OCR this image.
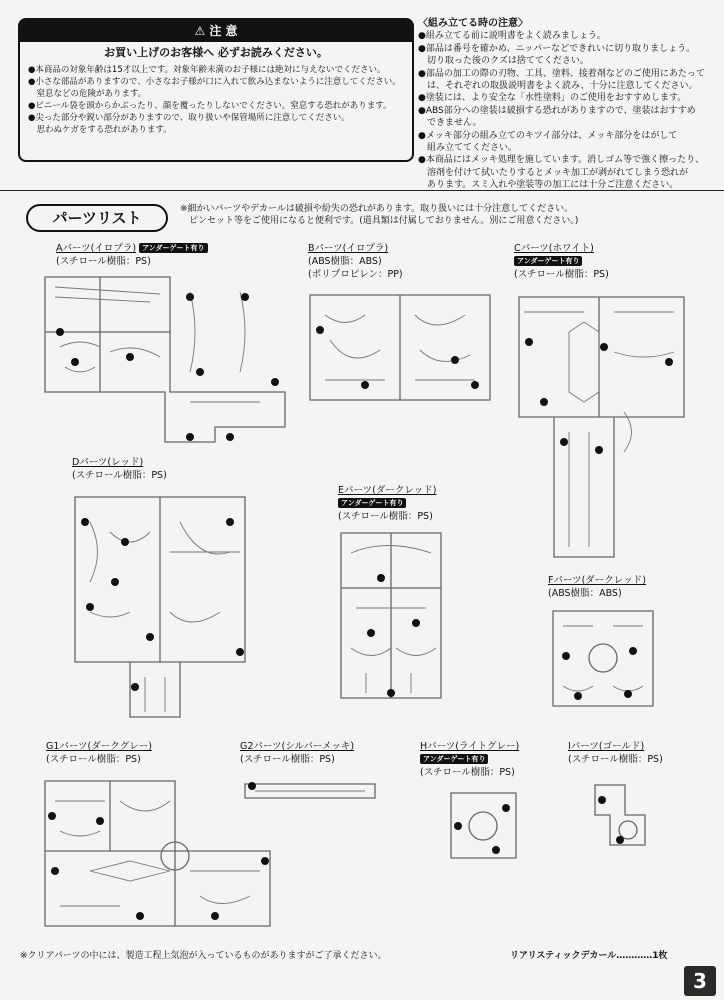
⚠ 注 意
お買い上げのお客様へ 必ずお読みください。
●本商品の対象年齢は15才以上です。対象年齢未満のお子様には絶対に与えないでください。
●小さな部品がありますので、小さなお子様が口に入れて飲み込まないように注意してください。
　窒息などの危険があります。
●ビニール袋を頭からかぶったり、顔を覆ったりしないでください。窒息する恐れがあります。
●尖った部分や鋭い部分がありますので、取り扱いや保管場所に注意してください。
　思わぬケガをする恐れがあります。
〈組み立てる時の注意〉
●組み立てる前に説明書をよく読みましょう。
●部品は番号を確かめ、ニッパーなどできれいに切り取りましょう。
　切り取った後のクズは捨ててください。
●部品の加工の際の刃物、工具、塗料、接着剤などのご使用にあたって
　は、それぞれの取扱説明書をよく読み、十分に注意してください。
●塗装には、より安全な「水性塗料」のご使用をおすすめします。
●ABS部分への塗装は破損する恐れがありますので、塗装はおすすめ
　できません。
●メッキ部分の組み立てのキツイ部分は、メッキ部分をはがして
　組み立ててください。
●本商品にはメッキ処理を施しています。消しゴム等で強く擦ったり、
　溶剤を付けて拭いたりするとメッキ加工が剥がれてしまう恐れが
　あります。スミ入れや塗装等の加工には十分ご注意ください。
パーツリスト	※細かいパーツやデカールは破損や紛失の恐れがあります。取り扱いには十分注意してください。
　ピンセット等をご使用になると便利です。(道具類は付属しておりません。別にご用意ください。)
Aパーツ(イロプラ) アンダーゲート有り
(スチロール樹脂：PS)
Bパーツ(イロプラ)
(ABS樹脂：ABS)
(ポリプロピレン：PP)
Cパーツ(ホワイト)
アンダーゲート有り
(スチロール樹脂：PS)
Dパーツ(レッド)
(スチロール樹脂：PS)
Eパーツ(ダークレッド)
アンダーゲート有り
(スチロール樹脂：PS)
Fパーツ(ダークレッド)
(ABS樹脂：ABS)
G1パーツ(ダークグレー)
(スチロール樹脂：PS)
G2パーツ(シルバーメッキ)
(スチロール樹脂：PS)
Hパーツ(ライトグレー)
アンダーゲート有り
(スチロール樹脂：PS)
Iパーツ(ゴールド)
(スチロール樹脂：PS)
※クリアパーツの中には、製造工程上気泡が入っているものがありますがご了承ください。	リアリスティックデカール…………1枚
3
